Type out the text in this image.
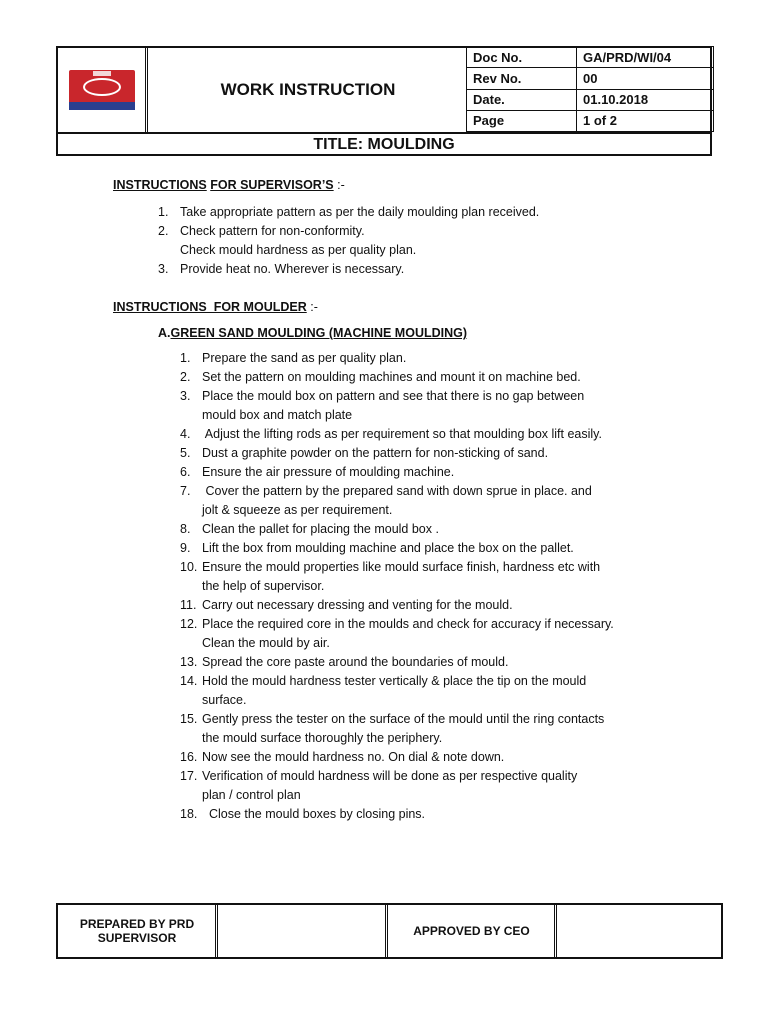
WORK INSTRUCTION
Doc No.	GA/PRD/WI/04
Rev No.	00
Date.	01.10.2018
Page	1 of 2
TITLE: MOULDING
INSTRUCTIONS FOR SUPERVISOR’S :-
1. Take appropriate pattern as per the daily moulding plan received.
2. Check pattern for non-conformity.
Check mould hardness as per quality plan.
3. Provide heat no. Wherever is necessary.
INSTRUCTIONS  FOR MOULDER :-
A.GREEN SAND MOULDING (MACHINE MOULDING)
1. Prepare the sand as per quality plan.
2. Set the pattern on moulding machines and mount it on machine bed.
3. Place the mould box on pattern and see that there is no gap between
mould box and match plate
4. Adjust the lifting rods as per requirement so that moulding box lift easily.
5. Dust a graphite powder on the pattern for non-sticking of sand.
6. Ensure the air pressure of moulding machine.
7. Cover the pattern by the prepared sand with down sprue in place. and
jolt & squeeze as per requirement.
8. Clean the pallet for placing the mould box .
9. Lift the box from moulding machine and place the box on the pallet.
10. Ensure the mould properties like mould surface finish, hardness etc with
the help of supervisor.
11. Carry out necessary dressing and venting for the mould.
12. Place the required core in the moulds and check for accuracy if necessary.
Clean the mould by air.
13. Spread the core paste around the boundaries of mould.
14. Hold the mould hardness tester vertically & place the tip on the mould
surface.
15. Gently press the tester on the surface of the mould until the ring contacts
the mould surface thoroughly the periphery.
16. Now see the mould hardness no. On dial & note down.
17. Verification of mould hardness will be done as per respective quality
plan / control plan
18. Close the mould boxes by closing pins.
PREPARED BY PRD SUPERVISOR	APPROVED BY CEO
